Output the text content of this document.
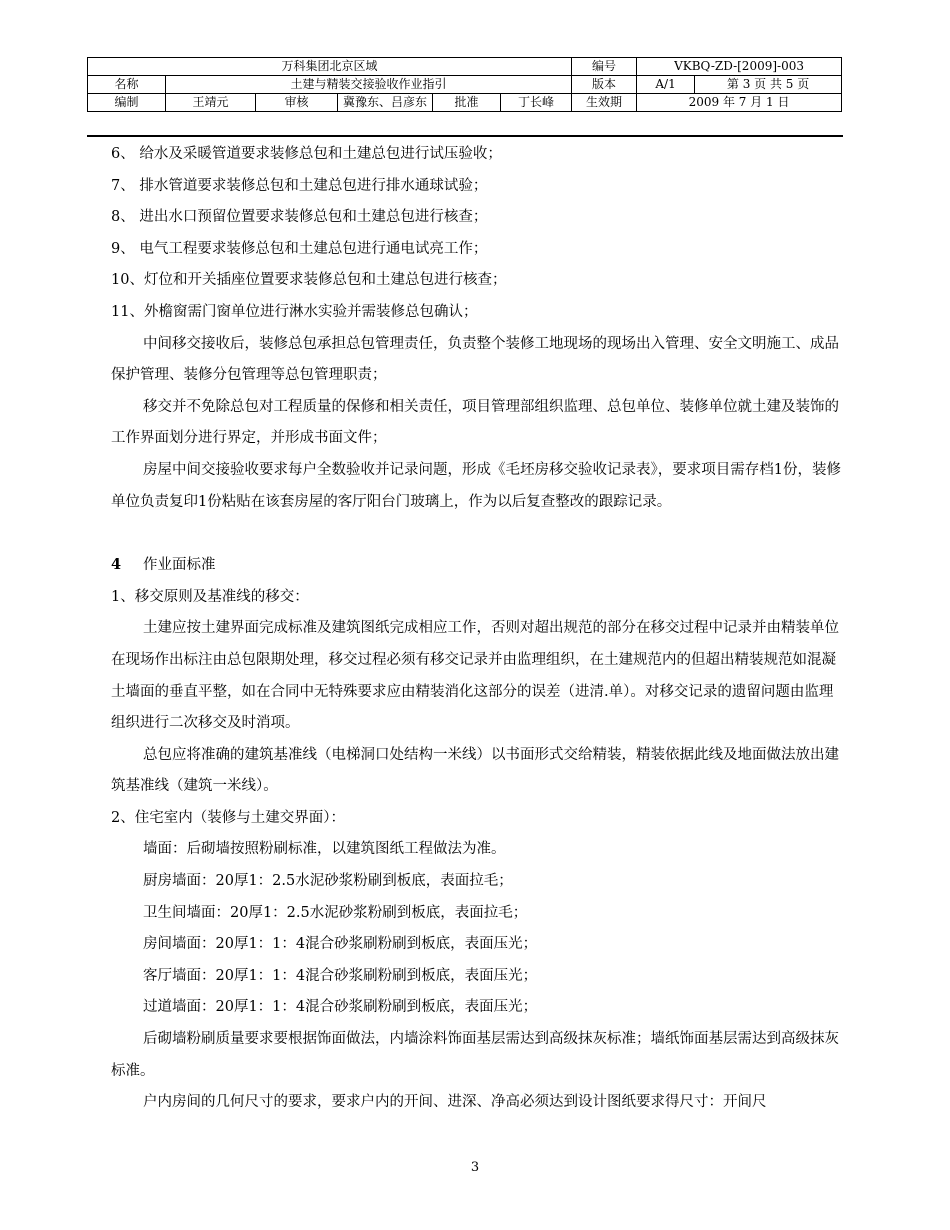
万科集团北京区域						编号	VKBQ-ZD-[2009]-003	
名称	土建与精装交接验收作业指引					版本	A/1	第 3 页 共 5 页
编制	王靖元	审核	冀豫东、吕彦东	批准	丁长峰	生效期	2009 年 7 月 1 日	

6、 给水及采暖管道要求装修总包和土建总包进行试压验收；

7、 排水管道要求装修总包和土建总包进行排水通球试验；

8、 进出水口预留位置要求装修总包和土建总包进行核查；

9、 电气工程要求装修总包和土建总包进行通电试亮工作；

10、灯位和开关插座位置要求装修总包和土建总包进行核查；

11、外檐窗需门窗单位进行淋水实验并需装修总包确认；

中间移交接收后，装修总包承担总包管理责任，负责整个装修工地现场的现场出入管理、安全文明施工、成品保护管理、装修分包管理等总包管理职责；

移交并不免除总包对工程质量的保修和相关责任，项目管理部组织监理、总包单位、装修单位就土建及装饰的工作界面划分进行界定，并形成书面文件；

房屋中间交接验收要求每户全数验收并记录问题，形成《毛坯房移交验收记录表》，要求项目需存档1份，装修单位负责复印1份粘贴在该套房屋的客厅阳台门玻璃上，作为以后复查整改的跟踪记录。

4 作业面标准

1、移交原则及基准线的移交：

土建应按土建界面完成标准及建筑图纸完成相应工作，否则对超出规范的部分在移交过程中记录并由精装单位在现场作出标注由总包限期处理，移交过程必须有移交记录并由监理组织，在土建规范内的但超出精装规范如混凝土墙面的垂直平整，如在合同中无特殊要求应由精装消化这部分的误差（进清.单）。对移交记录的遗留问题由监理组织进行二次移交及时消项。

总包应将准确的建筑基准线（电梯洞口处结构一米线）以书面形式交给精装，精装依据此线及地面做法放出建筑基准线（建筑一米线）。

2、住宅室内（装修与土建交界面）：

墙面：后砌墙按照粉刷标准，以建筑图纸工程做法为准。

厨房墙面：20厚1：2.5水泥砂浆粉刷到板底，表面拉毛；

卫生间墙面：20厚1：2.5水泥砂浆粉刷到板底，表面拉毛；

房间墙面：20厚1：1：4混合砂浆刷粉刷到板底，表面压光；

客厅墙面：20厚1：1：4混合砂浆刷粉刷到板底，表面压光；

过道墙面：20厚1：1：4混合砂浆刷粉刷到板底，表面压光；

后砌墙粉刷质量要求要根据饰面做法，内墙涂料饰面基层需达到高级抹灰标准；墙纸饰面基层需达到高级抹灰标准。

户内房间的几何尺寸的要求，要求户内的开间、进深、净高必须达到设计图纸要求得尺寸：开间尺

3
